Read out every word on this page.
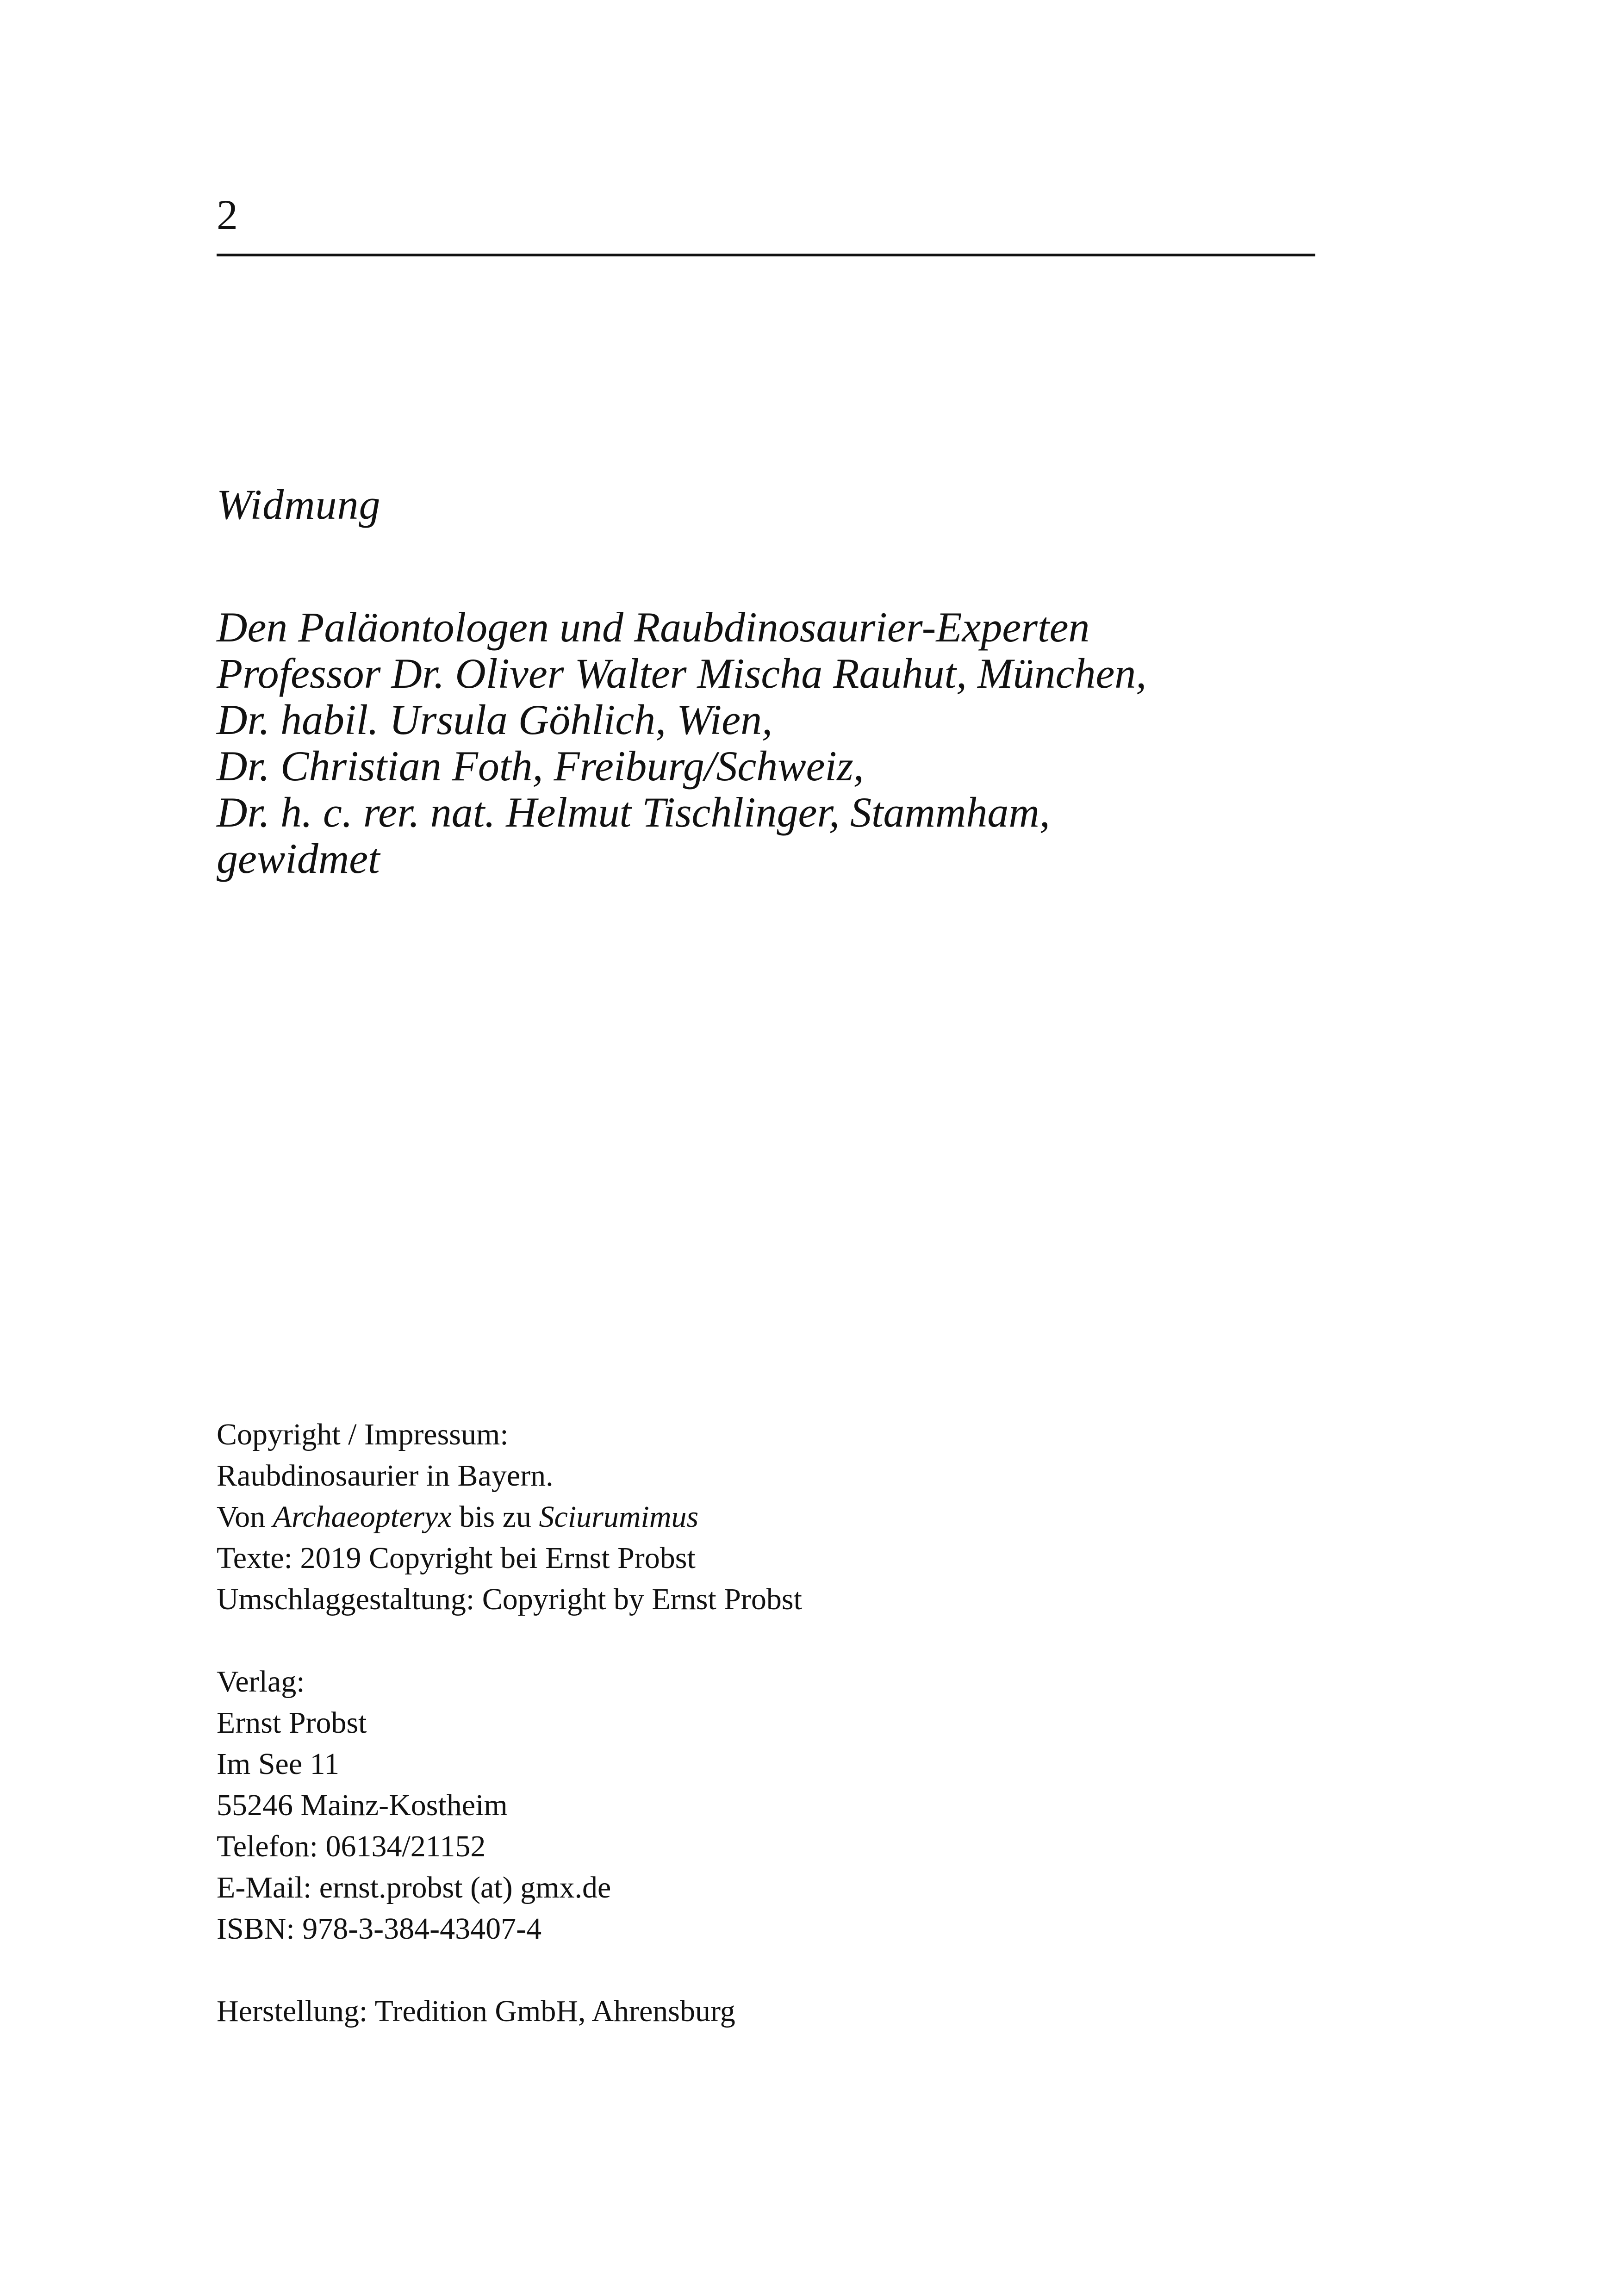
2
Widmung
Den Paläontologen und Raubdinosaurier-Experten
Professor Dr. Oliver Walter Mischa Rauhut, München,
Dr. habil. Ursula Göhlich, Wien,
Dr. Christian Foth, Freiburg/Schweiz,
Dr. h. c. rer. nat. Helmut Tischlinger, Stammham,
gewidmet
Copyright / Impressum:
Raubdinosaurier in Bayern.
Von Archaeopteryx bis zu Sciurumimus
Texte: 2019 Copyright bei Ernst Probst
Umschlaggestaltung: Copyright by Ernst Probst
Verlag:
Ernst Probst
Im See 11
55246 Mainz-Kostheim
Telefon: 06134/21152
E-Mail: ernst.probst (at) gmx.de
ISBN: 978-3-384-43407-4
Herstellung: Tredition GmbH, Ahrensburg
